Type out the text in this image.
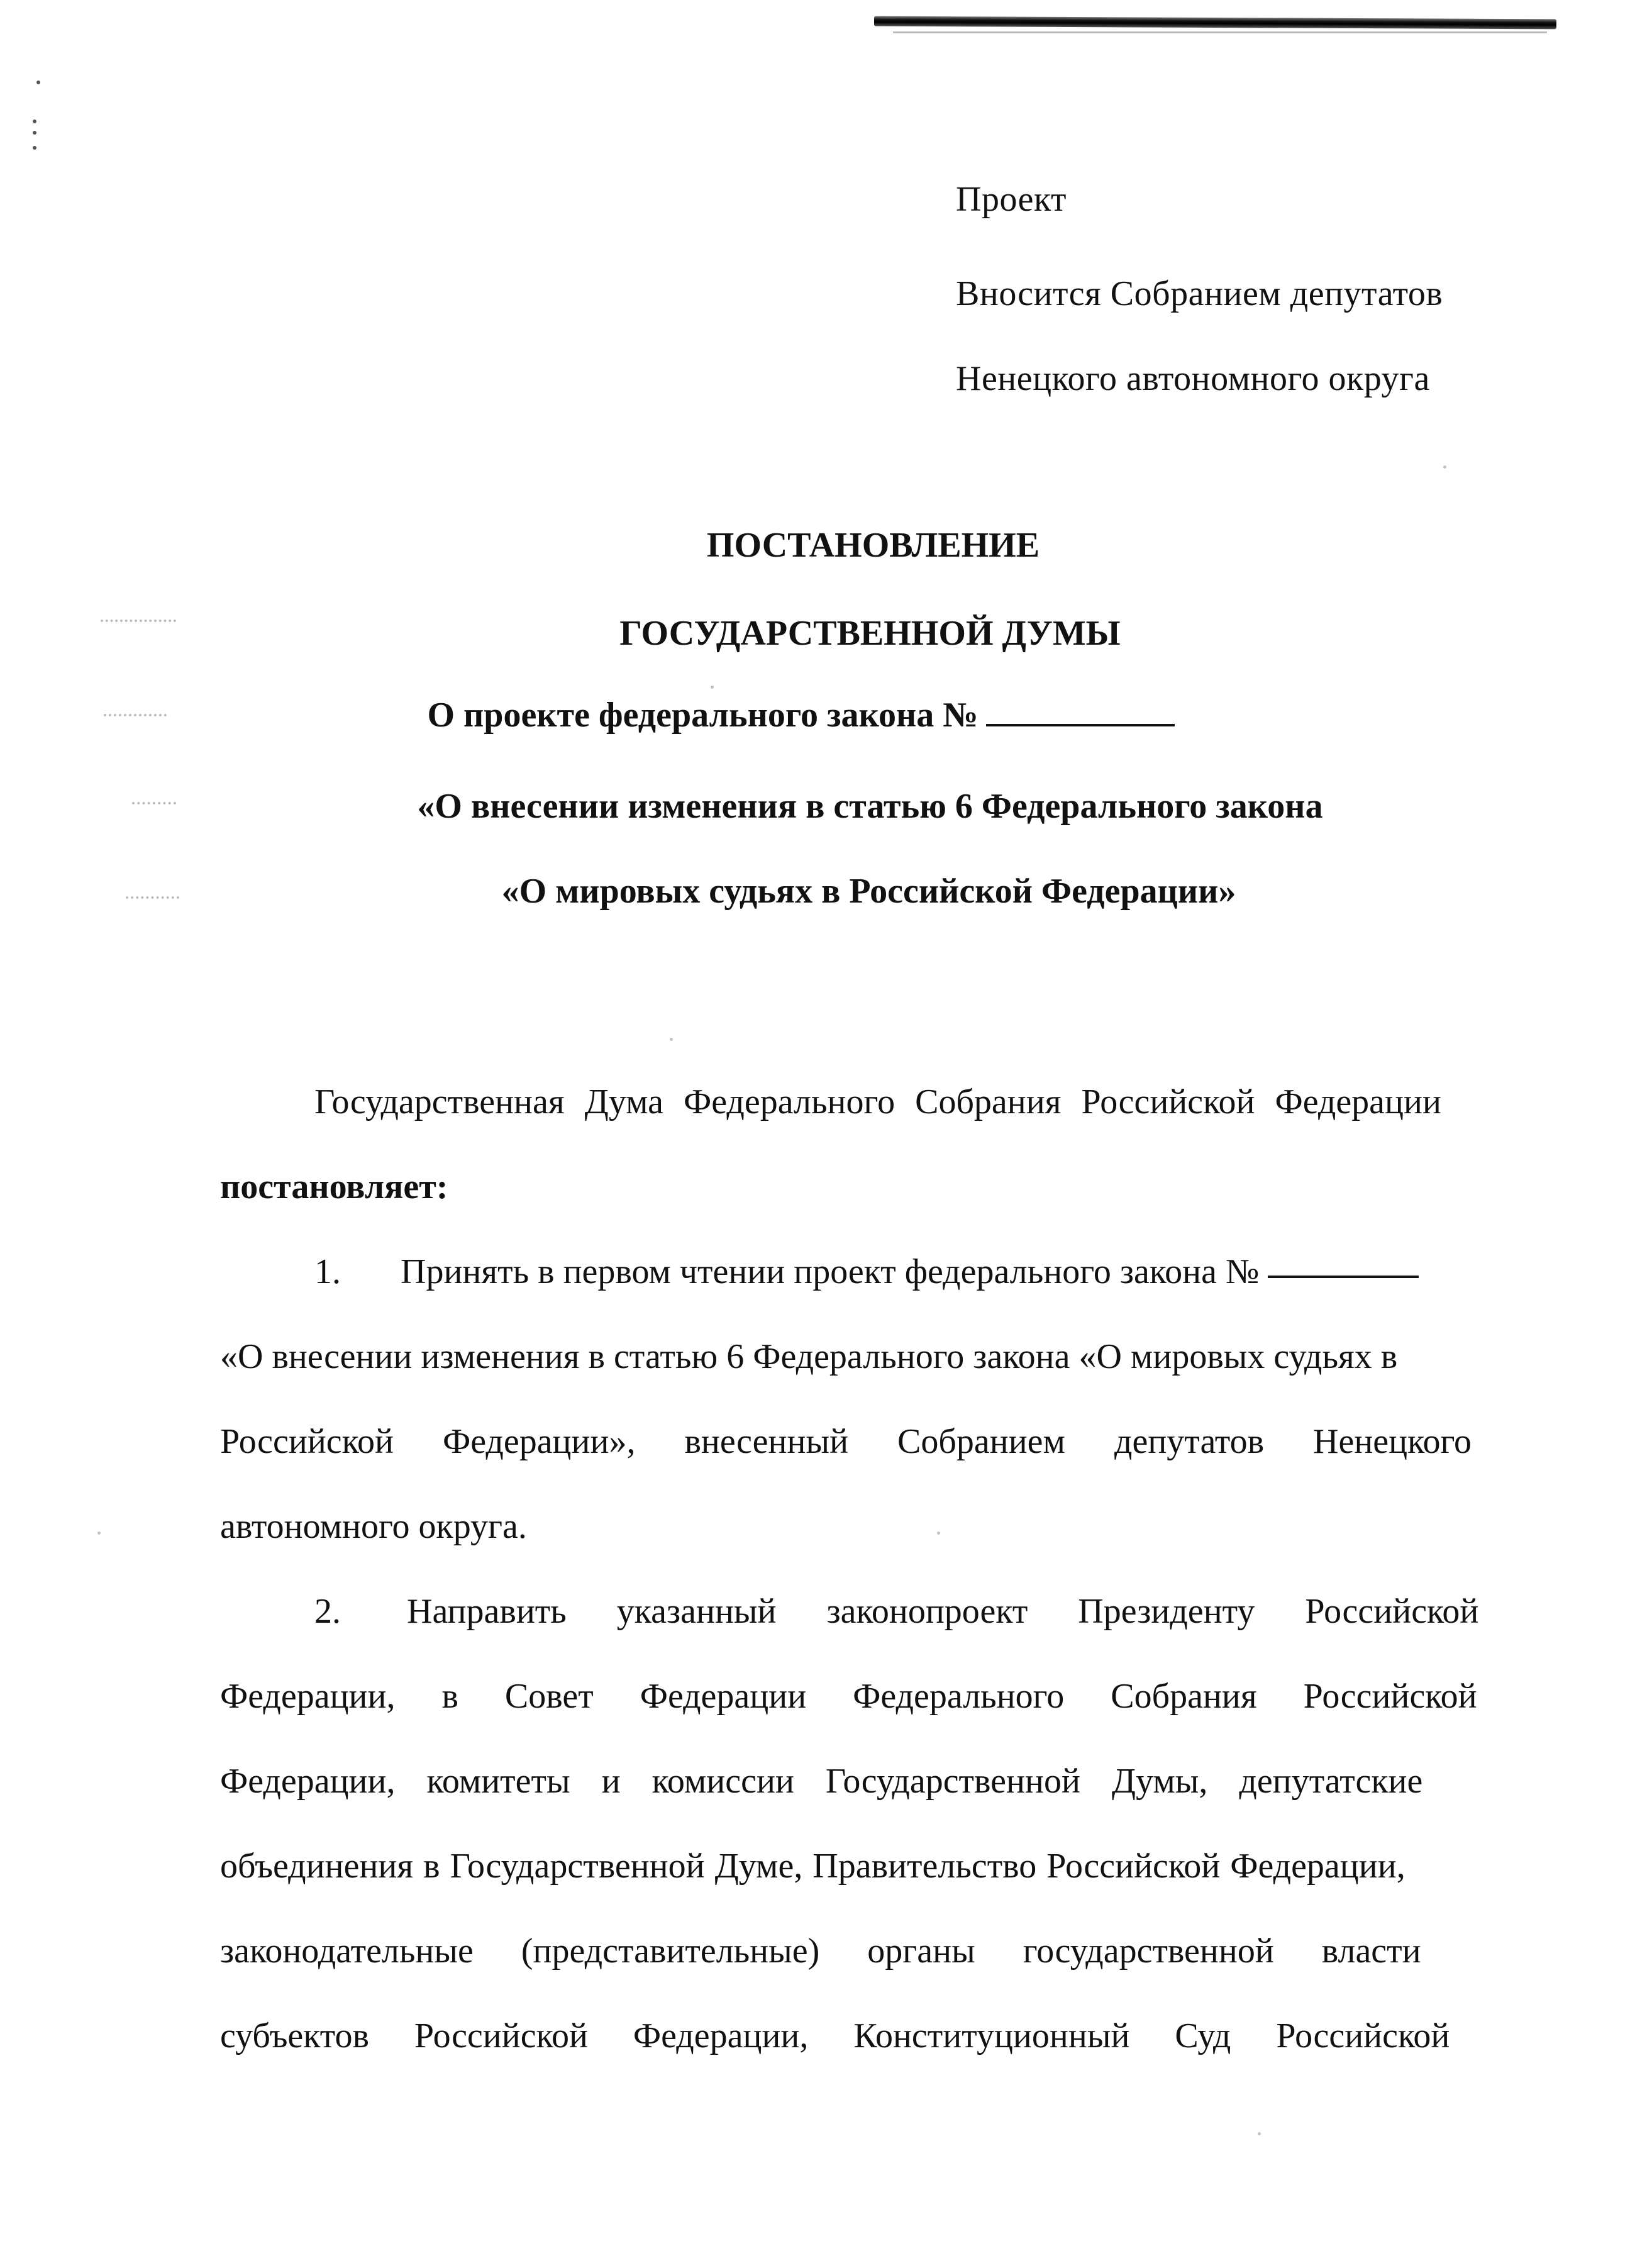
Проект
Вносится Собранием депутатов
Ненецкого автономного округа
ПОСТАНОВЛЕНИЕ
ГОСУДАРСТВЕННОЙ ДУМЫ
О проекте федерального закона №
«О внесении изменения в статью 6 Федерального закона
«О мировых судьях в Российской Федерации»
Государственная Дума Федерального Собрания Российской Федерации
постановляет:
1. Принять в первом чтении проект федерального закона №
«О внесении изменения в статью 6 Федерального закона «О мировых судьях в
Российской Федерации», внесенный Собранием депутатов Ненецкого
автономного округа.
2. Направить указанный законопроект Президенту Российской
Федерации, в Совет Федерации Федерального Собрания Российской
Федерации, комитеты и комиссии Государственной Думы, депутатские
объединения в Государственной Думе, Правительство Российской Федерации,
законодательные (представительные) органы государственной власти
субъектов Российской Федерации, Конституционный Суд Российской
